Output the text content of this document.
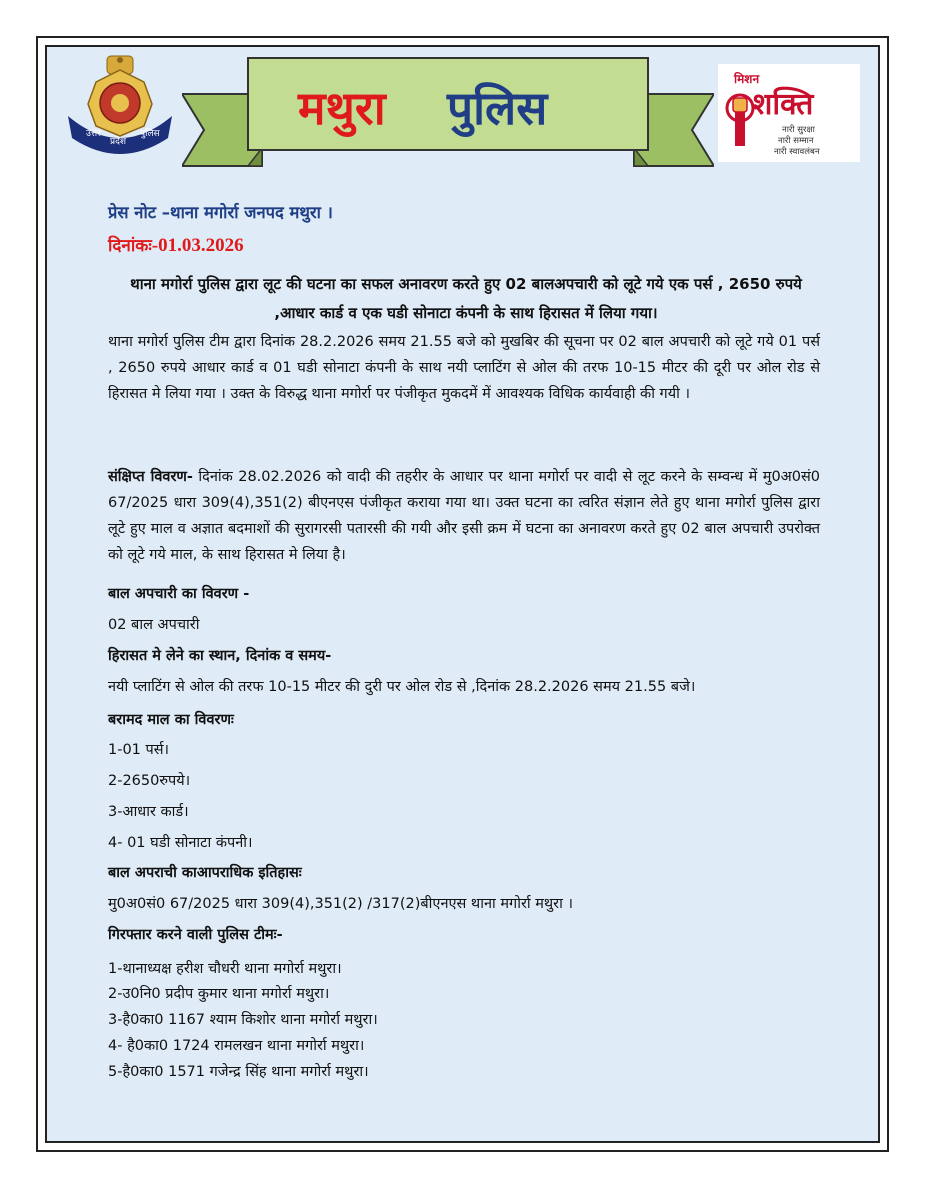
उत्तर
प्रदेश
पुलिस	मथुरा पुलिस
मिशन
शक्ति
नारी सुरक्षा
नारी सम्मान
नारी स्वावलंबन

प्रेस नोट –थाना मगोर्रा जनपद मथुरा ।

दिनांकः-01.03.2026

थाना मगोर्रा पुलिस द्वारा लूट की घटना का सफल अनावरण करते हुए 02 बालअपचारी को लूटे गये एक पर्स , 2650 रुपये ,आधार कार्ड व एक घडी सोनाटा कंपनी के साथ हिरासत में लिया गया।

थाना मगोर्रा पुलिस टीम द्वारा दिनांक 28.2.2026 समय 21.55 बजे को मुखबिर की सूचना पर 02 बाल अपचारी को लूटे गये 01 पर्स , 2650 रुपये आधार कार्ड व 01 घडी सोनाटा कंपनी के साथ नयी प्लाटिंग से ओल की तरफ 10-15 मीटर की दूरी पर ओल रोड से हिरासत मे लिया गया । उक्त के विरुद्ध थाना मगोर्रा पर पंजीकृत मुकदमें में आवश्यक विधिक कार्यवाही की गयी ।

संक्षिप्त विवरण- दिनांक 28.02.2026 को वादी की तहरीर के आधार पर थाना मगोर्रा पर वादी से लूट करने के सम्वन्ध में मु0अ0सं0 67/2025 धारा 309(4),351(2) बीएनएस पंजीकृत कराया गया था। उक्त घटना का त्वरित संज्ञान लेते हुए थाना मगोर्रा पुलिस द्वारा लूटे हुए माल व अज्ञात बदमाशों की सुरागरसी पतारसी की गयी और इसी क्रम में घटना का अनावरण करते हुए 02 बाल अपचारी उपरोक्त को लूटे गये माल, के साथ हिरासत मे लिया है।

बाल अपचारी का विवरण -

02 बाल अपचारी

हिरासत मे लेने का स्थान, दिनांक व समय-

नयी प्लाटिंग से ओल की तरफ 10-15 मीटर की दुरी पर ओल रोड से ,दिनांक 28.2.2026 समय 21.55 बजे।

बरामद माल का विवरणः

1-01 पर्स।

2-2650रुपये।

3-आधार कार्ड।

4- 01 घडी सोनाटा कंपनी।

बाल अपराची काआपराधिक इतिहासः

मु0अ0सं0 67/2025 धारा 309(4),351(2) /317(2)बीएनएस थाना मगोर्रा मथुरा ।

गिरफ्तार करने वाली पुलिस टीमः-

1-थानाध्यक्ष हरीश चौधरी थाना मगोर्रा मथुरा।

2-उ0नि0 प्रदीप कुमार थाना मगोर्रा मथुरा।

3-है0का0 1167 श्याम किशोर थाना मगोर्रा मथुरा।

4- है0का0 1724 रामलखन थाना मगोर्रा मथुरा।

5-है0का0 1571 गजेन्द्र सिंह थाना मगोर्रा मथुरा।
